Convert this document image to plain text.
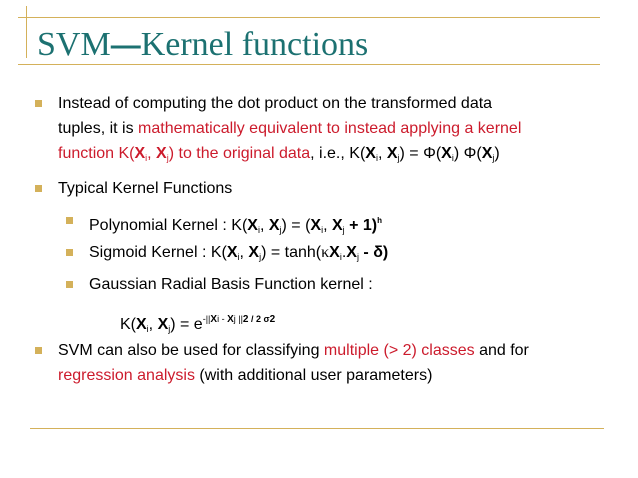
SVM—Kernel functions
Instead of computing the dot product on the transformed data
tuples, it is mathematically equivalent to instead applying a kernel
function $K(X_i$, $X_j$) to the original data, i.e., $K(X_i$, $X_j) = \Phi(X_i)$ $\Phi(X_j)$
Typical Kernel Functions
Polynomial Kernel : $K(X_i$, $X_j) = (X_i$, $X_j + 1)^h$
Sigmoid Kernel : $K(X_i$, $X_j) = \tanh(\kappa X_i.X_j - \delta)$
Gaussian Radial Basis Function kernel :
$K(X_i$, $X_j) = e^{-||Xi - Xj ||2 / 2 \sigma 2}$
SVM can also be used for classifying multiple (> 2) classes and for
regression analysis (with additional user parameters)
